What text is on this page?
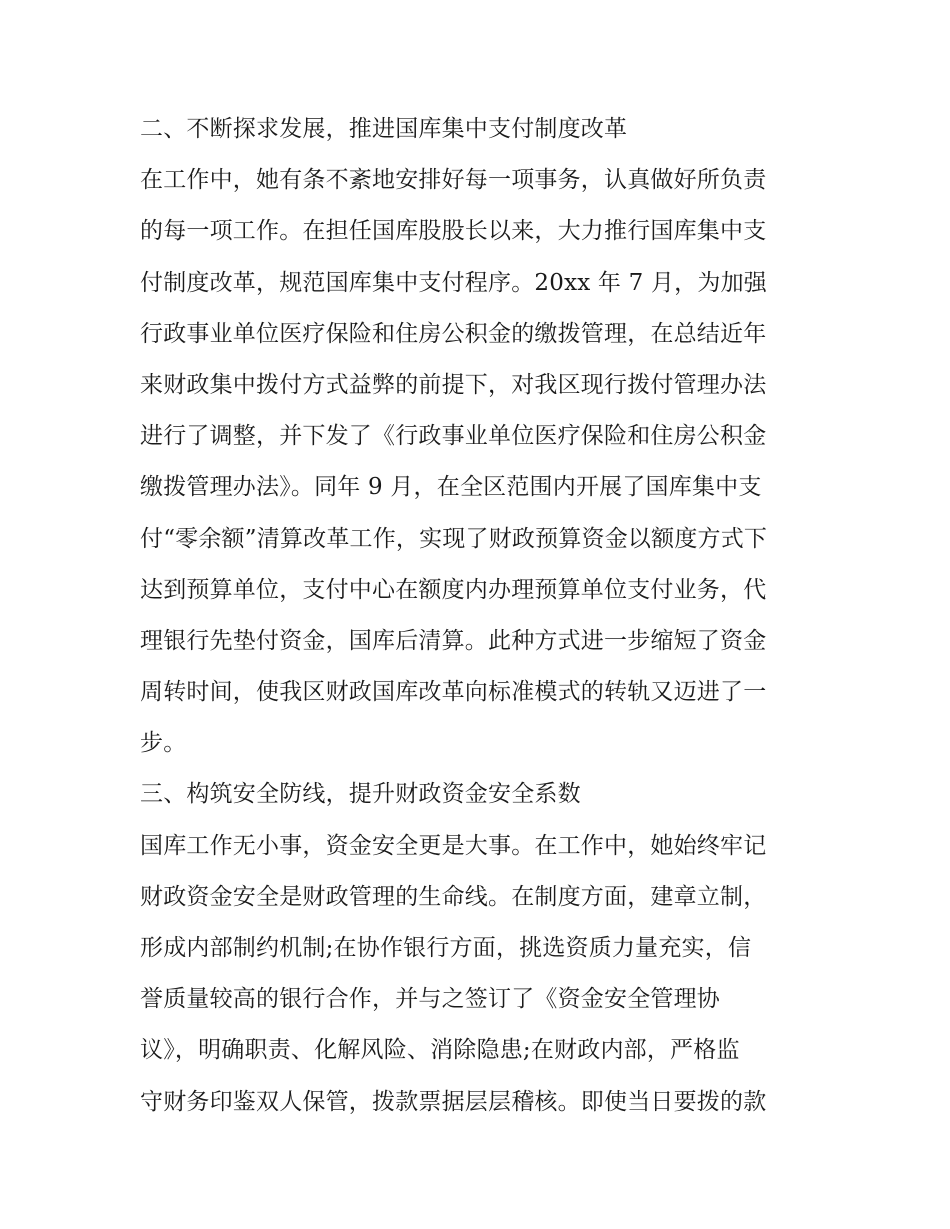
二、不断探求发展，推进国库集中支付制度改革
在工作中，她有条不紊地安排好每一项事务，认真做好所负责
的每一项工作。在担任国库股股长以来，大力推行国库集中支
付制度改革，规范国库集中支付程序。20xx 年 7 月，为加强
行政事业单位医疗保险和住房公积金的缴拨管理，在总结近年
来财政集中拨付方式益弊的前提下，对我区现行拨付管理办法
进行了调整，并下发了《行政事业单位医疗保险和住房公积金
缴拨管理办法》。同年 9 月，在全区范围内开展了国库集中支
付“零余额”清算改革工作，实现了财政预算资金以额度方式下
达到预算单位，支付中心在额度内办理预算单位支付业务，代
理银行先垫付资金，国库后清算。此种方式进一步缩短了资金
周转时间，使我区财政国库改革向标准模式的转轨又迈进了一
步。
三、构筑安全防线，提升财政资金安全系数
国库工作无小事，资金安全更是大事。在工作中，她始终牢记
财政资金安全是财政管理的生命线。在制度方面，建章立制，
形成内部制约机制;在协作银行方面，挑选资质力量充实，信
誉质量较高的银行合作，并与之签订了《资金安全管理协
议》，明确职责、化解风险、消除隐患;在财政内部，严格监
守财务印鉴双人保管，拨款票据层层稽核。即使当日要拨的款
